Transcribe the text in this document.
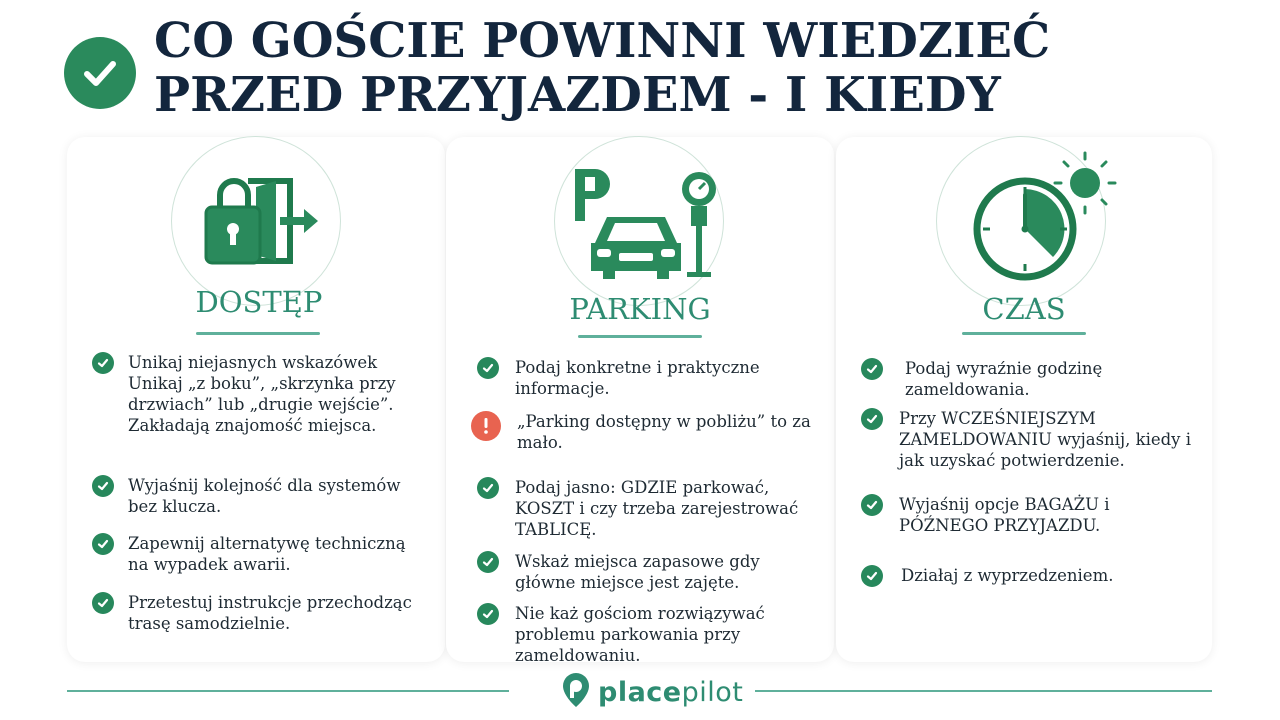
CO GOŚCIE POWINNI WIEDZIEĆ
PRZED PRZYJAZDEM - I KIEDY
DOSTĘP
Unikaj niejasnych wskazówek Unikaj „z boku”, „skrzynka przy drzwiach” lub „drugie wejście”. Zakładają znajomość miejsca.
Wyjaśnij kolejność dla systemów bez klucza.
Zapewnij alternatywę techniczną na wypadek awarii.
Przetestuj instrukcje przechodząc trasę samodzielnie.
PARKING
Podaj konkretne i praktyczne informacje.
„Parking dostępny w pobliżu” to za mało.
Podaj jasno: GDZIE parkować, KOSZT i czy trzeba zarejestrować TABLICĘ.
Wskaż miejsca zapasowe gdy główne miejsce jest zajęte.
Nie każ gościom rozwiązywać problemu parkowania przy zameldowaniu.
CZAS
Podaj wyraźnie godzinę zameldowania.
Przy WCZEŚNIEJSZYM ZAMELDOWANIU wyjaśnij, kiedy i jak uzyskać potwierdzenie.
Wyjaśnij opcje BAGAŻU i PÓŹNEGO PRZYJAZDU.
Działaj z wyprzedzeniem.
placepilot
